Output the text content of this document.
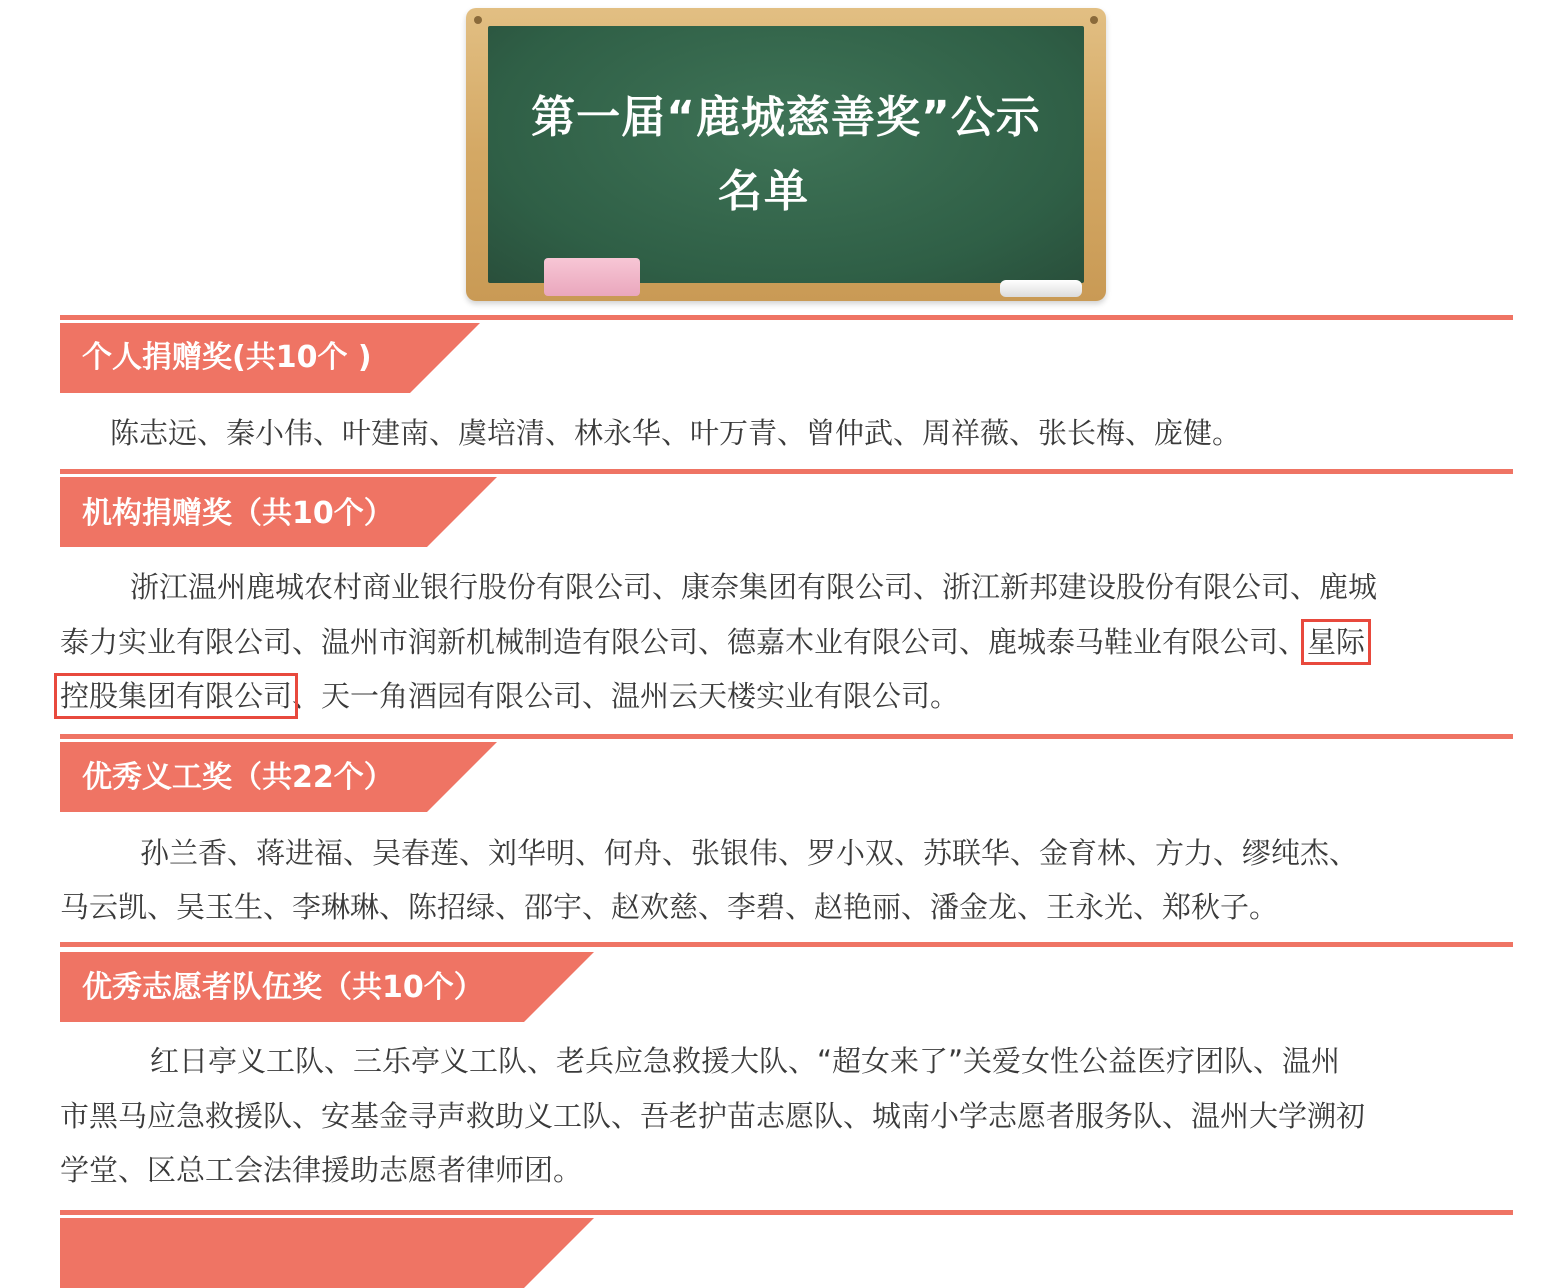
第一届“鹿城慈善奖”公示
名单
个人捐赠奖(共10个 )

陈志远、秦小伟、叶建南、虞培清、林永华、叶万青、曾仲武、周祥薇、张长梅、庞健。

机构捐赠奖（共10个）

浙江温州鹿城农村商业银行股份有限公司、康奈集团有限公司、浙江新邦建设股份有限公司、鹿城

泰力实业有限公司、温州市润新机械制造有限公司、德嘉木业有限公司、鹿城泰马鞋业有限公司、星际

控股集团有限公司、天一角酒园有限公司、温州云天楼实业有限公司。

优秀义工奖（共22个）

孙兰香、蒋进福、吴春莲、刘华明、何舟、张银伟、罗小双、苏联华、金育林、方力、缪纯杰、

马云凯、吴玉生、李琳琳、陈招绿、邵宇、赵欢慈、李碧、赵艳丽、潘金龙、王永光、郑秋子。

优秀志愿者队伍奖（共10个）

红日亭义工队、三乐亭义工队、老兵应急救援大队、“超女来了”关爱女性公益医疗团队、温州

市黑马应急救援队、安基金寻声救助义工队、吾老护苗志愿队、城南小学志愿者服务队、温州大学溯初

学堂、区总工会法律援助志愿者律师团。
